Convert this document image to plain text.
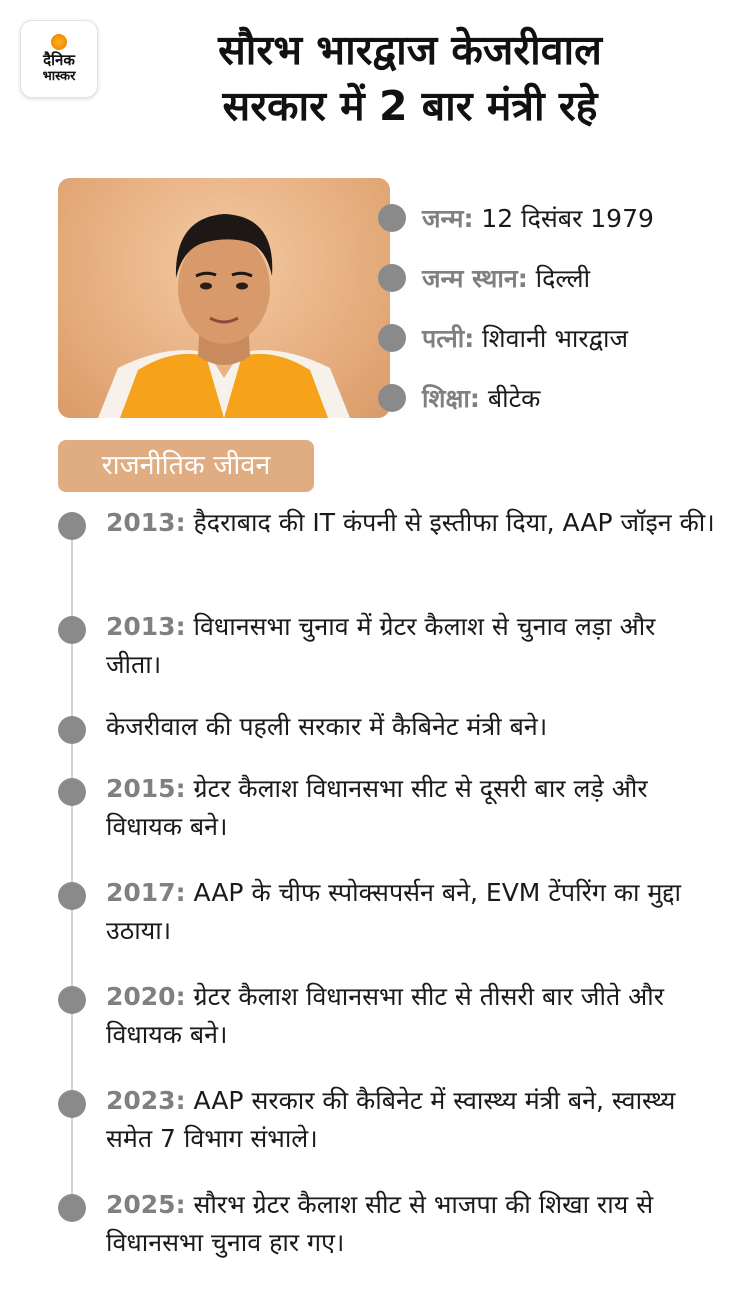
दैनिक
भास्कर
सौरभ भारद्वाज केजरीवाल
सरकार में 2 बार मंत्री रहे
जन्म: 12 दिसंबर 1979
जन्म स्थान: दिल्ली
पत्नी: शिवानी भारद्वाज
शिक्षा: बीटेक
राजनीतिक जीवन
2013: हैदराबाद की IT कंपनी से इस्तीफा दिया, AAP जॉइन की।
2013: विधानसभा चुनाव में ग्रेटर कैलाश से चुनाव लड़ा और जीता।
केजरीवाल की पहली सरकार में कैबिनेट मंत्री बने।
2015: ग्रेटर कैलाश विधानसभा सीट से दूसरी बार लड़े और विधायक बने।
2017: AAP के चीफ स्पोक्सपर्सन बने, EVM टेंपरिंग का मुद्दा उठाया।
2020: ग्रेटर कैलाश विधानसभा सीट से तीसरी बार जीते और विधायक बने।
2023: AAP सरकार की कैबिनेट में स्वास्थ्य मंत्री बने, स्वास्थ्य समेत 7 विभाग संभाले।
2025: सौरभ ग्रेटर कैलाश सीट से भाजपा की शिखा राय से विधानसभा चुनाव हार गए।
